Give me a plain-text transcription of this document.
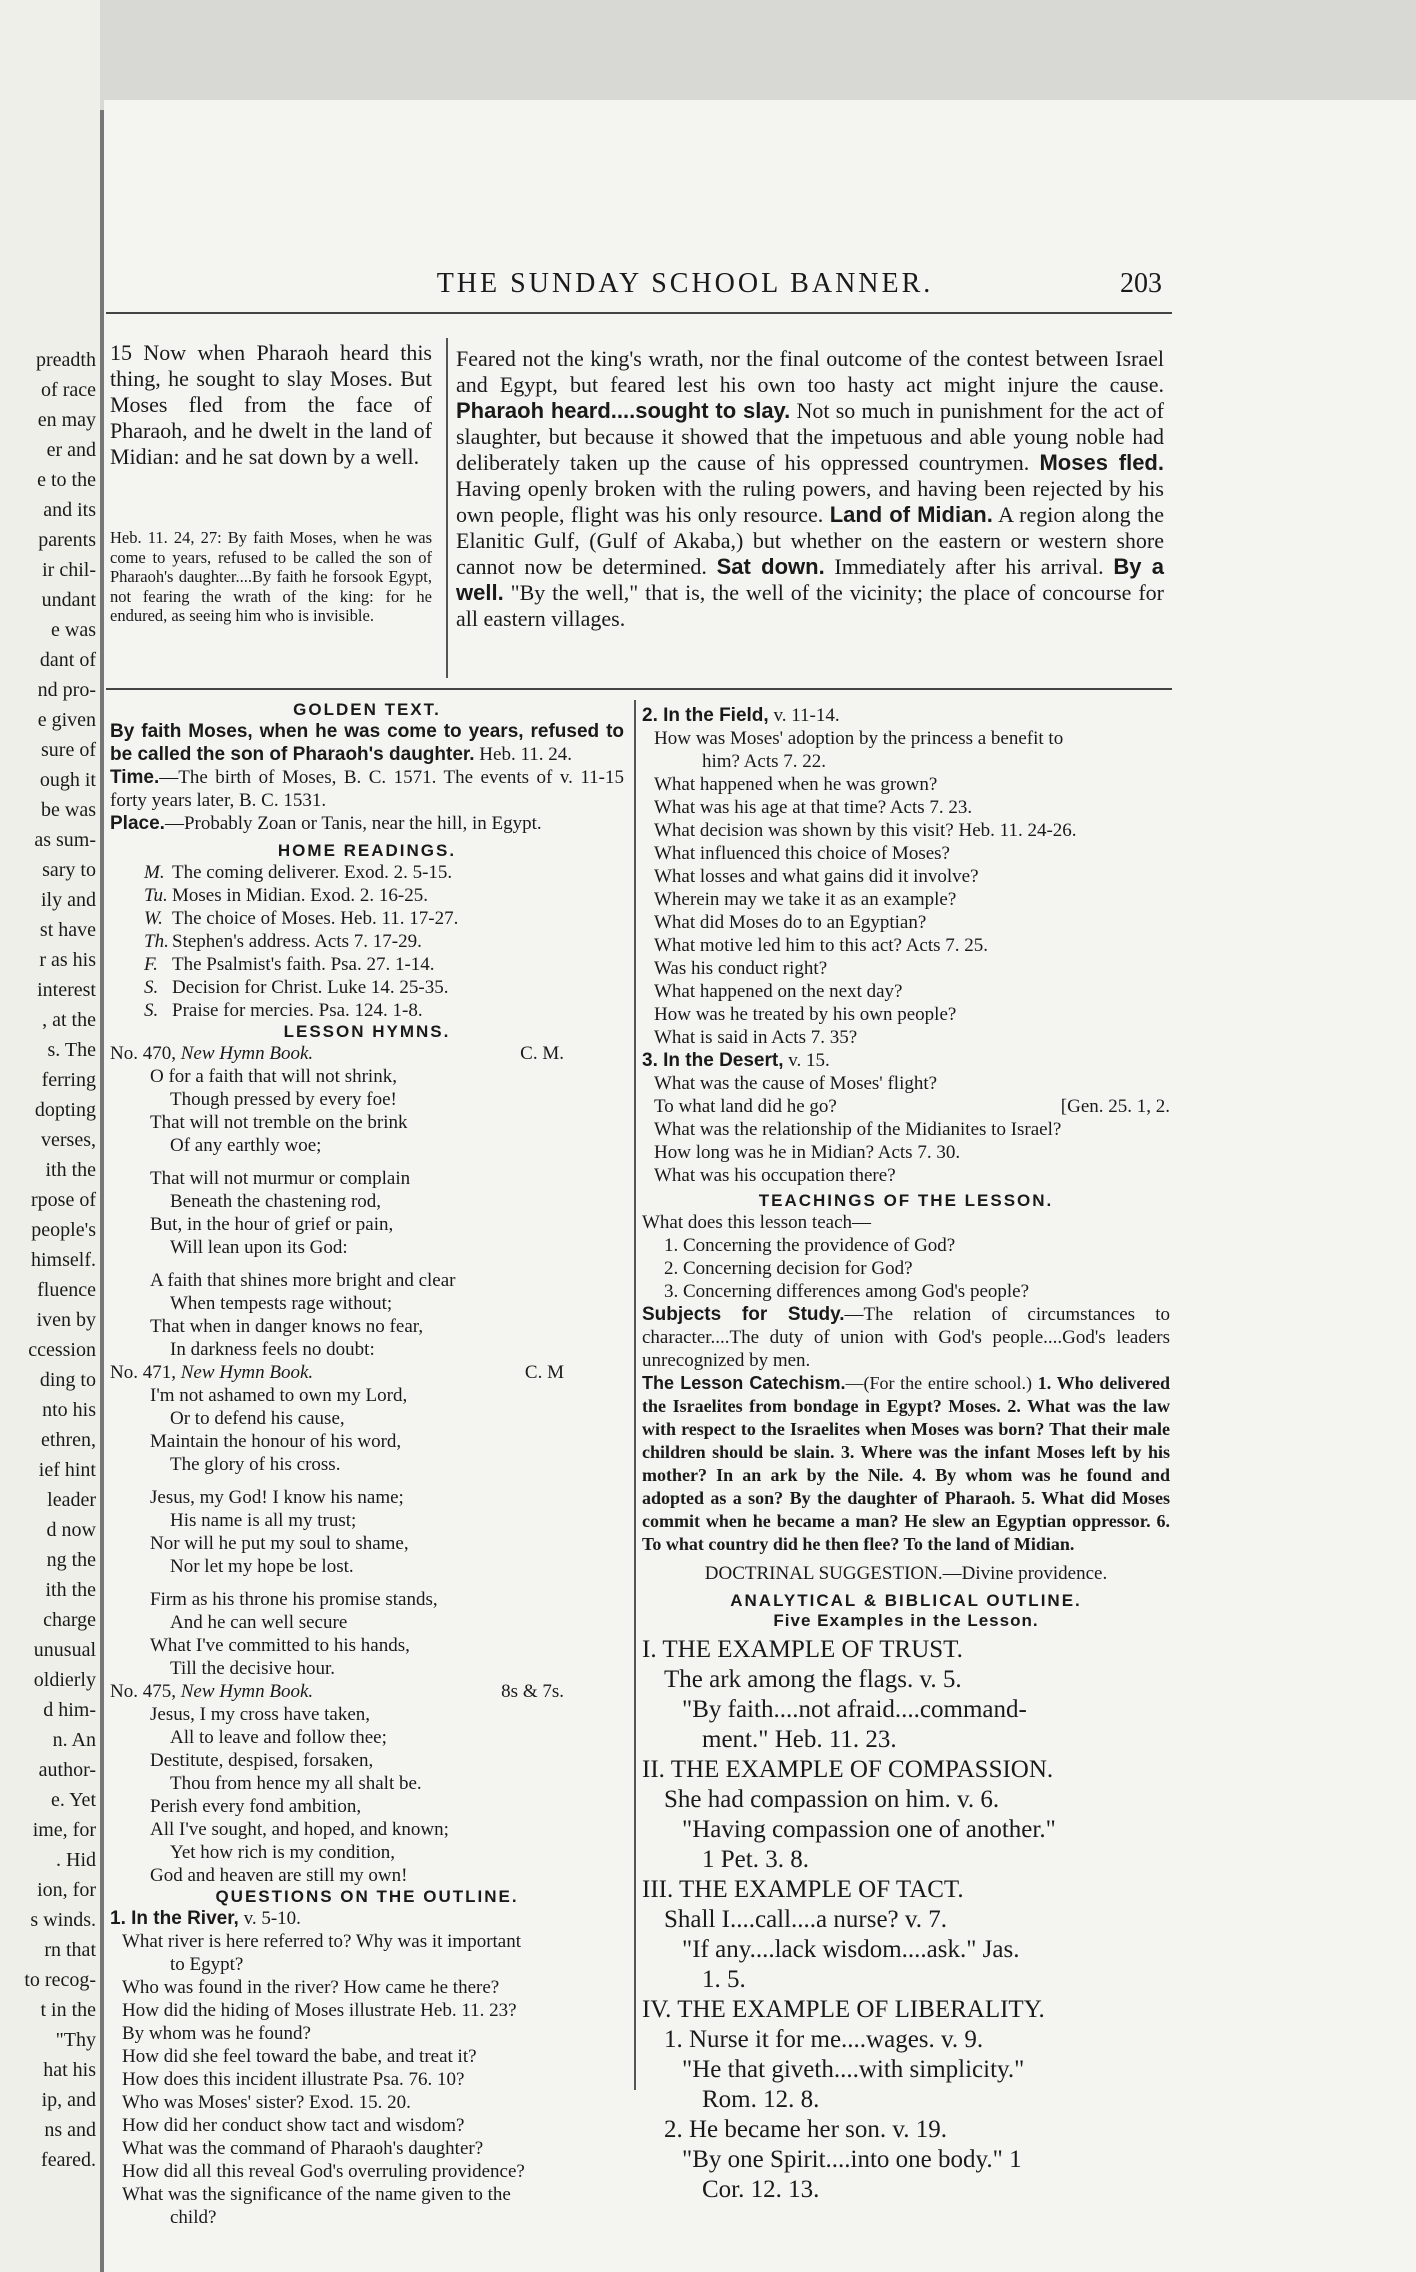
preadth
of race
en may
er and
e to the
and its
parents
ir chil-
undant
e was
dant of
nd pro-
e given
sure of
ough it
be was
as sum-
sary to
ily and
st have
r as his
interest
, at the
s. The
ferring
dopting
verses,
ith the
rpose of
people's
himself.
fluence
iven by
ccession
ding to
nto his
ethren,
ief hint
leader
d now
ng the
ith the
charge
unusual
oldierly
d him-
n. An
author-
e. Yet
ime, for
. Hid
ion, for
s winds.
rn that
to recog-
t in the
"Thy
hat his
ip, and
ns and
feared.
THE SUNDAY SCHOOL BANNER.	203
15 Now when Pharaoh heard this thing, he sought to slay Moses. But Moses fled from the face of Pharaoh, and he dwelt in the land of Midian: and he sat down by a well.
Heb. 11. 24, 27: By faith Moses, when he was come to years, refused to be called the son of Pharaoh's daughter....By faith he forsook Egypt, not fearing the wrath of the king: for he endured, as seeing him who is invisible.
Feared not the king's wrath, nor the final outcome of the contest between Israel and Egypt, but feared lest his own too hasty act might injure the cause. Pharaoh heard....sought to slay. Not so much in punishment for the act of slaughter, but because it showed that the impetuous and able young noble had deliberately taken up the cause of his oppressed countrymen. Moses fled. Having openly broken with the ruling powers, and having been rejected by his own people, flight was his only resource. Land of Midian. A region along the Elanitic Gulf, (Gulf of Akaba,) but whether on the eastern or western shore cannot now be determined. Sat down. Immediately after his arrival. By a well. "By the well," that is, the well of the vicinity; the place of concourse for all eastern villages.
GOLDEN TEXT.
By faith Moses, when he was come to years, refused to be called the son of Pharaoh's daughter. Heb. 11. 24.
Time.—The birth of Moses, B. C. 1571. The events of v. 11-15 forty years later, B. C. 1531.
Place.—Probably Zoan or Tanis, near the hill, in Egypt.
HOME READINGS.
M. The coming deliverer. Exod. 2. 5-15.
Tu. Moses in Midian. Exod. 2. 16-25.
W. The choice of Moses. Heb. 11. 17-27.
Th. Stephen's address. Acts 7. 17-29.
F. The Psalmist's faith. Psa. 27. 1-14.
S. Decision for Christ. Luke 14. 25-35.
S. Praise for mercies. Psa. 124. 1-8.
LESSON HYMNS.
No. 470, New Hymn Book.	C. M.
O for a faith that will not shrink,
Though pressed by every foe!
That will not tremble on the brink
Of any earthly woe;
That will not murmur or complain
Beneath the chastening rod,
But, in the hour of grief or pain,
Will lean upon its God:
A faith that shines more bright and clear
When tempests rage without;
That when in danger knows no fear,
In darkness feels no doubt:
No. 471, New Hymn Book.	C. M
I'm not ashamed to own my Lord,
Or to defend his cause,
Maintain the honour of his word,
The glory of his cross.
Jesus, my God! I know his name;
His name is all my trust;
Nor will he put my soul to shame,
Nor let my hope be lost.
Firm as his throne his promise stands,
And he can well secure
What I've committed to his hands,
Till the decisive hour.
No. 475, New Hymn Book.	8s & 7s.
Jesus, I my cross have taken,
All to leave and follow thee;
Destitute, despised, forsaken,
Thou from hence my all shalt be.
Perish every fond ambition,
All I've sought, and hoped, and known;
Yet how rich is my condition,
God and heaven are still my own!
QUESTIONS ON THE OUTLINE.
1. In the River, v. 5-10.
What river is here referred to? Why was it important
to Egypt?
Who was found in the river? How came he there?
How did the hiding of Moses illustrate Heb. 11. 23?
By whom was he found?
How did she feel toward the babe, and treat it?
How does this incident illustrate Psa. 76. 10?
Who was Moses' sister? Exod. 15. 20.
How did her conduct show tact and wisdom?
What was the command of Pharaoh's daughter?
How did all this reveal God's overruling providence?
What was the significance of the name given to the
child?
2. In the Field, v. 11-14.
How was Moses' adoption by the princess a benefit to
him? Acts 7. 22.
What happened when he was grown?
What was his age at that time? Acts 7. 23.
What decision was shown by this visit? Heb. 11. 24-26.
What influenced this choice of Moses?
What losses and what gains did it involve?
Wherein may we take it as an example?
What did Moses do to an Egyptian?
What motive led him to this act? Acts 7. 25.
Was his conduct right?
What happened on the next day?
How was he treated by his own people?
What is said in Acts 7. 35?
3. In the Desert, v. 15.
[Gen. 25. 1, 2.
What was the cause of Moses' flight?
To what land did he go?
What was the relationship of the Midianites to Israel?
How long was he in Midian? Acts 7. 30.
What was his occupation there?
TEACHINGS OF THE LESSON.
What does this lesson teach—
1. Concerning the providence of God?
2. Concerning decision for God?
3. Concerning differences among God's people?
Subjects for Study.—The relation of circumstances to character....The duty of union with God's people....God's leaders unrecognized by men.
The Lesson Catechism.—(For the entire school.) 1. Who delivered the Israelites from bondage in Egypt? Moses. 2. What was the law with respect to the Israelites when Moses was born? That their male children should be slain. 3. Where was the infant Moses left by his mother? In an ark by the Nile. 4. By whom was he found and adopted as a son? By the daughter of Pharaoh. 5. What did Moses commit when he became a man? He slew an Egyptian oppressor. 6. To what country did he then flee? To the land of Midian.
DOCTRINAL SUGGESTION.—Divine providence.
ANALYTICAL & BIBLICAL OUTLINE.
Five Examples in the Lesson.
I. THE EXAMPLE OF TRUST.
The ark among the flags. v. 5.
"By faith....not afraid....command-
ment." Heb. 11. 23.
II. THE EXAMPLE OF COMPASSION.
She had compassion on him. v. 6.
"Having compassion one of another."
1 Pet. 3. 8.
III. THE EXAMPLE OF TACT.
Shall I....call....a nurse? v. 7.
"If any....lack wisdom....ask." Jas.
1. 5.
IV. THE EXAMPLE OF LIBERALITY.
1. Nurse it for me....wages. v. 9.
"He that giveth....with simplicity."
Rom. 12. 8.
2. He became her son. v. 19.
"By one Spirit....into one body." 1
Cor. 12. 13.
